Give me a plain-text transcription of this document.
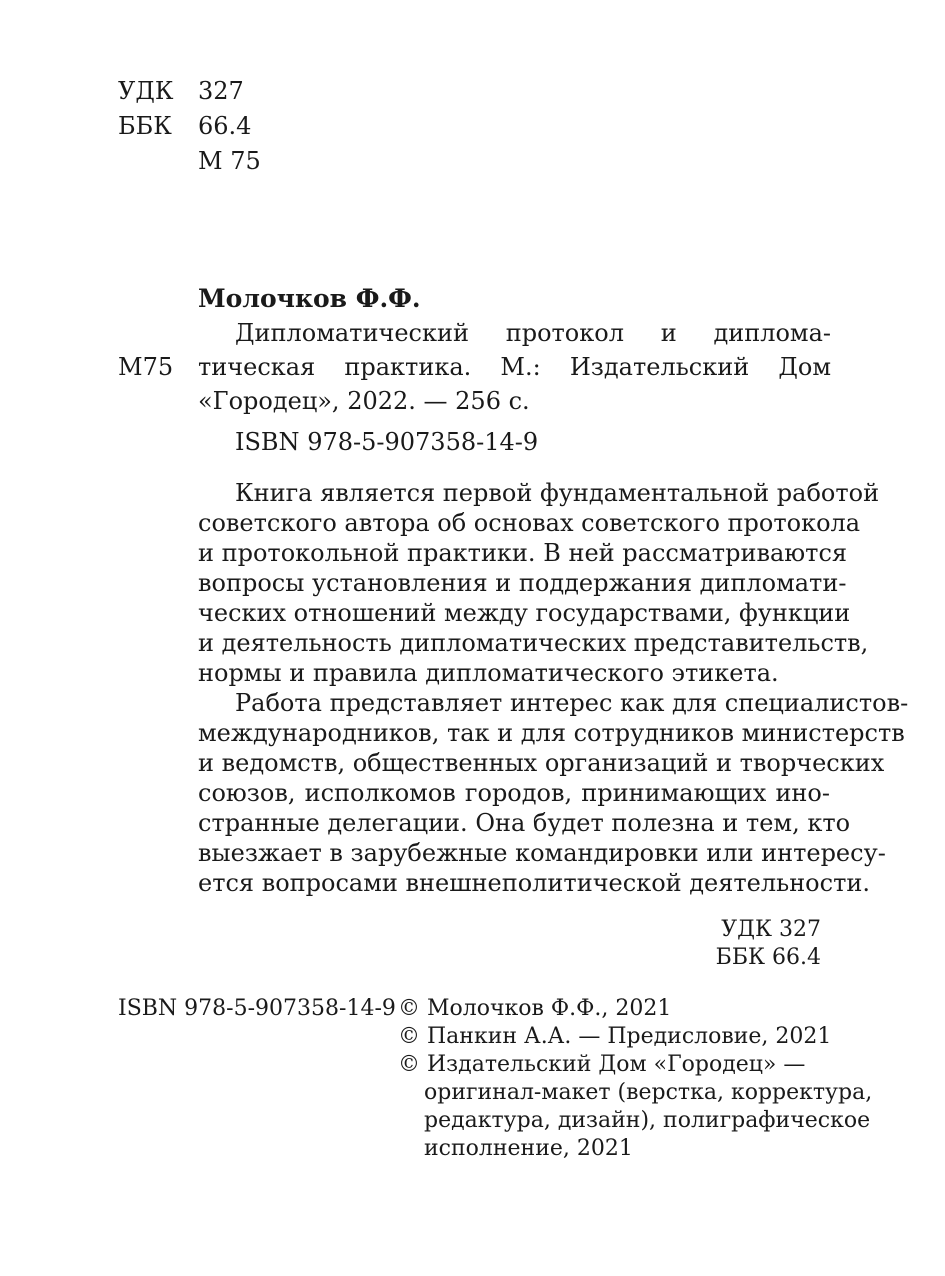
УДК 327
ББК 66.4
М 75
Молочков Ф.Ф.
М75
Дипломатический протокол и диплома-
тическая практика. М.: Издательский Дом
«Городец», 2022. — 256 с.
ISBN 978-5-907358-14-9
Книга является первой фундаментальной работой
советского автора об основах советского протокола
и протокольной практики. В ней рассматриваются
вопросы установления и поддержания дипломати-
ческих отношений между государствами, функции
и деятельность дипломатических представительств,
нормы и правила дипломатического этикета.
Работа представляет интерес как для специалистов-
международников, так и для сотрудников министерств
и ведомств, общественных организаций и творческих
союзов, исполкомов городов, принимающих ино-
странные делегации. Она будет полезна и тем, кто
выезжает в зарубежные командировки или интересу-
ется вопросами внешнеполитической деятельности.
УДК 327
ББК 66.4
ISBN 978-5-907358-14-9 © Молочков Ф.Ф., 2021
© Панкин А.А. — Предисловие, 2021
© Издательский Дом «Городец» —
оригинал-макет (верстка, корректура,
редактура, дизайн), полиграфическое
исполнение, 2021
